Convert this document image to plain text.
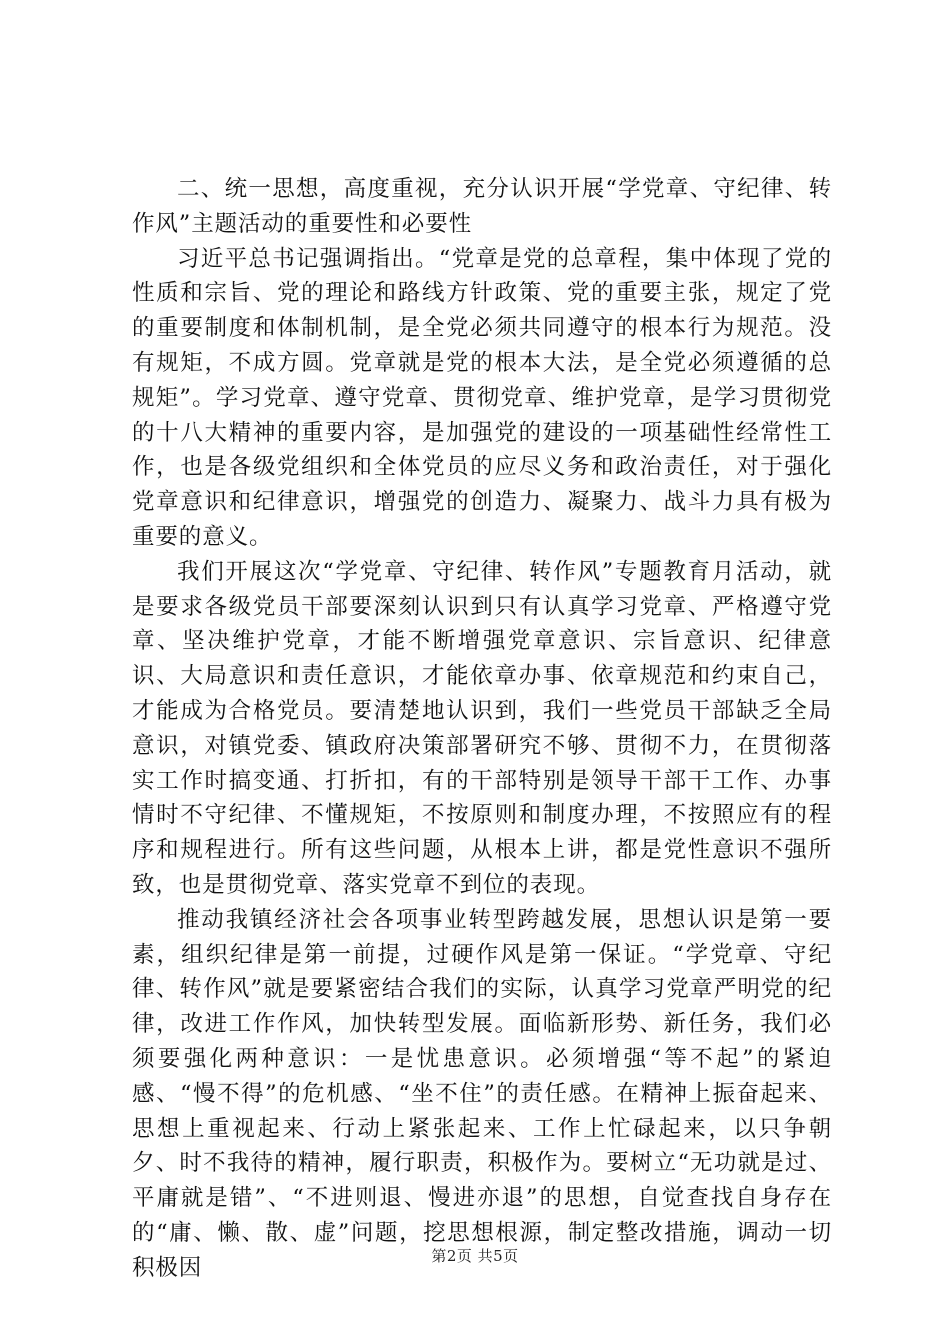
二、统一思想，高度重视，充分认识开展“学党章、守纪律、转作风”主题活动的重要性和必要性

习近平总书记强调指出。“党章是党的总章程，集中体现了党的性质和宗旨、党的理论和路线方针政策、党的重要主张，规定了党的重要制度和体制机制，是全党必须共同遵守的根本行为规范。没有规矩，不成方圆。党章就是党的根本大法，是全党必须遵循的总规矩”。学习党章、遵守党章、贯彻党章、维护党章，是学习贯彻党的十八大精神的重要内容，是加强党的建设的一项基础性经常性工作，也是各级党组织和全体党员的应尽义务和政治责任，对于强化党章意识和纪律意识，增强党的创造力、凝聚力、战斗力具有极为重要的意义。

我们开展这次“学党章、守纪律、转作风”专题教育月活动，就是要求各级党员干部要深刻认识到只有认真学习党章、严格遵守党章、坚决维护党章，才能不断增强党章意识、宗旨意识、纪律意识、大局意识和责任意识，才能依章办事、依章规范和约束自己，才能成为合格党员。要清楚地认识到，我们一些党员干部缺乏全局意识，对镇党委、镇政府决策部署研究不够、贯彻不力，在贯彻落实工作时搞变通、打折扣，有的干部特别是领导干部干工作、办事情时不守纪律、不懂规矩，不按原则和制度办理，不按照应有的程序和规程进行。所有这些问题，从根本上讲，都是党性意识不强所致，也是贯彻党章、落实党章不到位的表现。

推动我镇经济社会各项事业转型跨越发展，思想认识是第一要素，组织纪律是第一前提，过硬作风是第一保证。“学党章、守纪律、转作风”就是要紧密结合我们的实际，认真学习党章严明党的纪律，改进工作作风，加快转型发展。面临新形势、新任务，我们必须要强化两种意识：一是忧患意识。必须增强“等不起”的紧迫感、“慢不得”的危机感、“坐不住”的责任感。在精神上振奋起来、思想上重视起来、行动上紧张起来、工作上忙碌起来，以只争朝夕、时不我待的精神，履行职责，积极作为。要树立“无功就是过、平庸就是错”、“不进则退、慢进亦退”的思想，自觉查找自身存在的“庸、懒、散、虚”问题，挖思想根源，制定整改措施，调动一切积极因	第2页 共5页
